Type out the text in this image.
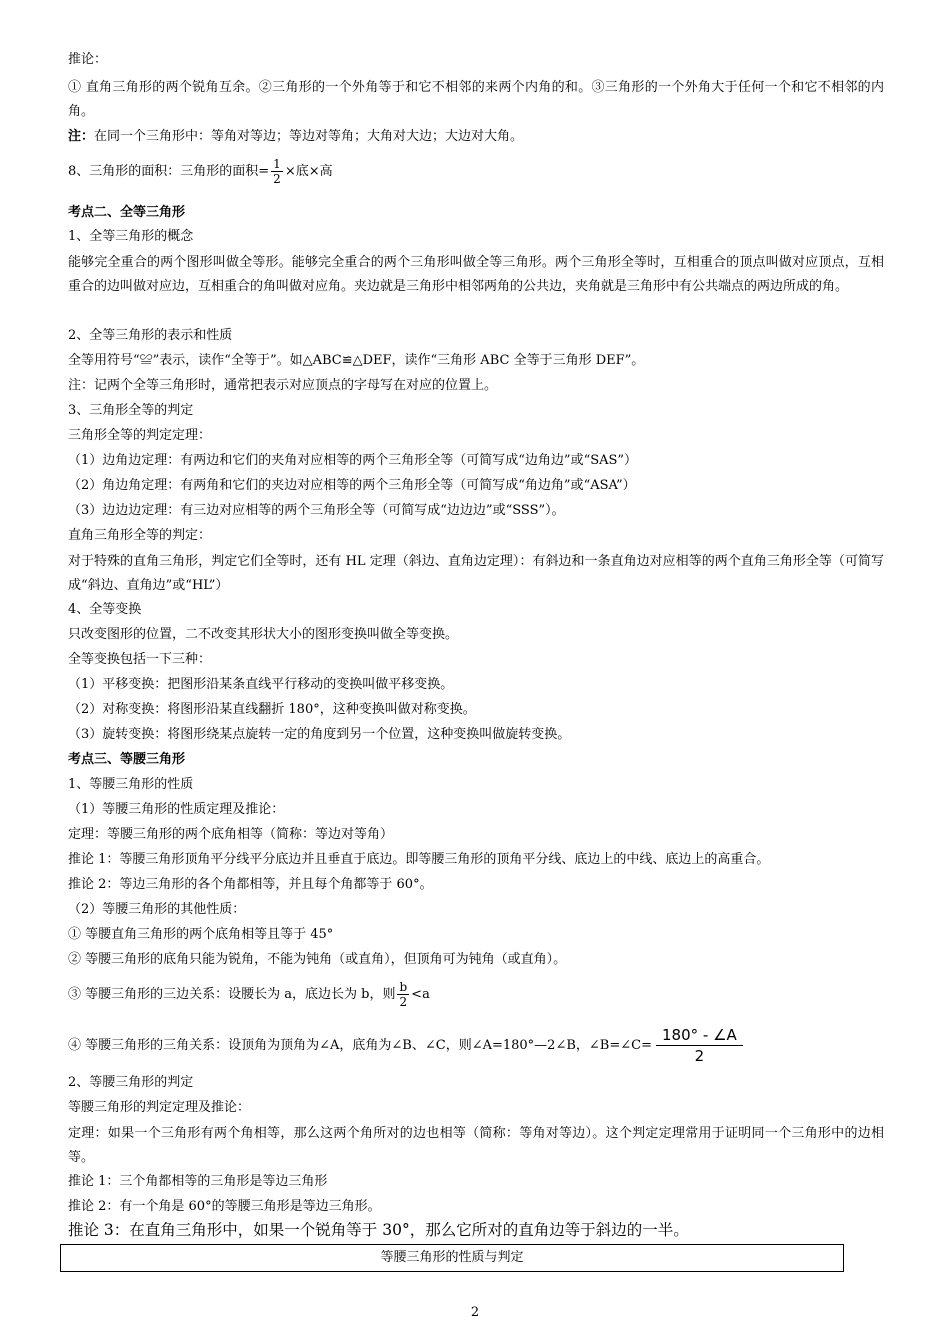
推论：
① 直角三角形的两个锐角互余。②三角形的一个外角等于和它不相邻的来两个内角的和。③三角形的一个外角大于任何一个和它不相邻的内角。
注：在同一个三角形中：等角对等边；等边对等角；大角对大边；大边对大角。
8、三角形的面积：三角形的面积= $\frac{1}{2}$ ×底×高
考点二、全等三角形
1、全等三角形的概念
能够完全重合的两个图形叫做全等形。能够完全重合的两个三角形叫做全等三角形。两个三角形全等时，互相重合的顶点叫做对应顶点，互相重合的边叫做对应边，互相重合的角叫做对应角。夹边就是三角形中相邻两角的公共边，夹角就是三角形中有公共端点的两边所成的角。
2、全等三角形的表示和性质
全等用符号“≌”表示，读作“全等于”。如△ABC≌△DEF，读作“三角形 ABC 全等于三角形 DEF”。
注：记两个全等三角形时，通常把表示对应顶点的字母写在对应的位置上。
3、三角形全等的判定
三角形全等的判定定理：
（1）边角边定理：有两边和它们的夹角对应相等的两个三角形全等（可简写成“边角边”或“SAS”）
（2）角边角定理：有两角和它们的夹边对应相等的两个三角形全等（可简写成“角边角”或“ASA”）
（3）边边边定理：有三边对应相等的两个三角形全等（可简写成“边边边”或“SSS”）。
直角三角形全等的判定：
对于特殊的直角三角形，判定它们全等时，还有 HL 定理（斜边、直角边定理）：有斜边和一条直角边对应相等的两个直角三角形全等（可简写成“斜边、直角边”或“HL”）
4、全等变换
只改变图形的位置，二不改变其形状大小的图形变换叫做全等变换。
全等变换包括一下三种：
（1）平移变换：把图形沿某条直线平行移动的变换叫做平移变换。
（2）对称变换：将图形沿某直线翻折 180°，这种变换叫做对称变换。
（3）旋转变换：将图形绕某点旋转一定的角度到另一个位置，这种变换叫做旋转变换。
考点三、等腰三角形
1、等腰三角形的性质
（1）等腰三角形的性质定理及推论：
定理：等腰三角形的两个底角相等（简称：等边对等角）
推论 1：等腰三角形顶角平分线平分底边并且垂直于底边。即等腰三角形的顶角平分线、底边上的中线、底边上的高重合。
推论 2：等边三角形的各个角都相等，并且每个角都等于 60°。
（2）等腰三角形的其他性质：
① 等腰直角三角形的两个底角相等且等于 45°
② 等腰三角形的底角只能为锐角，不能为钝角（或直角），但顶角可为钝角（或直角）。
③ 等腰三角形的三边关系：设腰长为 a，底边长为 b，则 $\frac{b}{2} <a$
④ 等腰三角形的三角关系：设顶角为顶角为∠A，底角为∠B、∠C，则∠A=180°—2∠B，∠B=∠C= $\frac{180^\circ - \angle A}{2}$
2、等腰三角形的判定
等腰三角形的判定定理及推论：
定理：如果一个三角形有两个角相等，那么这两个角所对的边也相等（简称：等角对等边）。这个判定定理常用于证明同一个三角形中的边相等。
推论 1：三个角都相等的三角形是等边三角形
推论 2：有一个角是 60°的等腰三角形是等边三角形。
推论 3：在直角三角形中，如果一个锐角等于 30°，那么它所对的直角边等于斜边的一半。
等腰三角形的性质与判定
2
